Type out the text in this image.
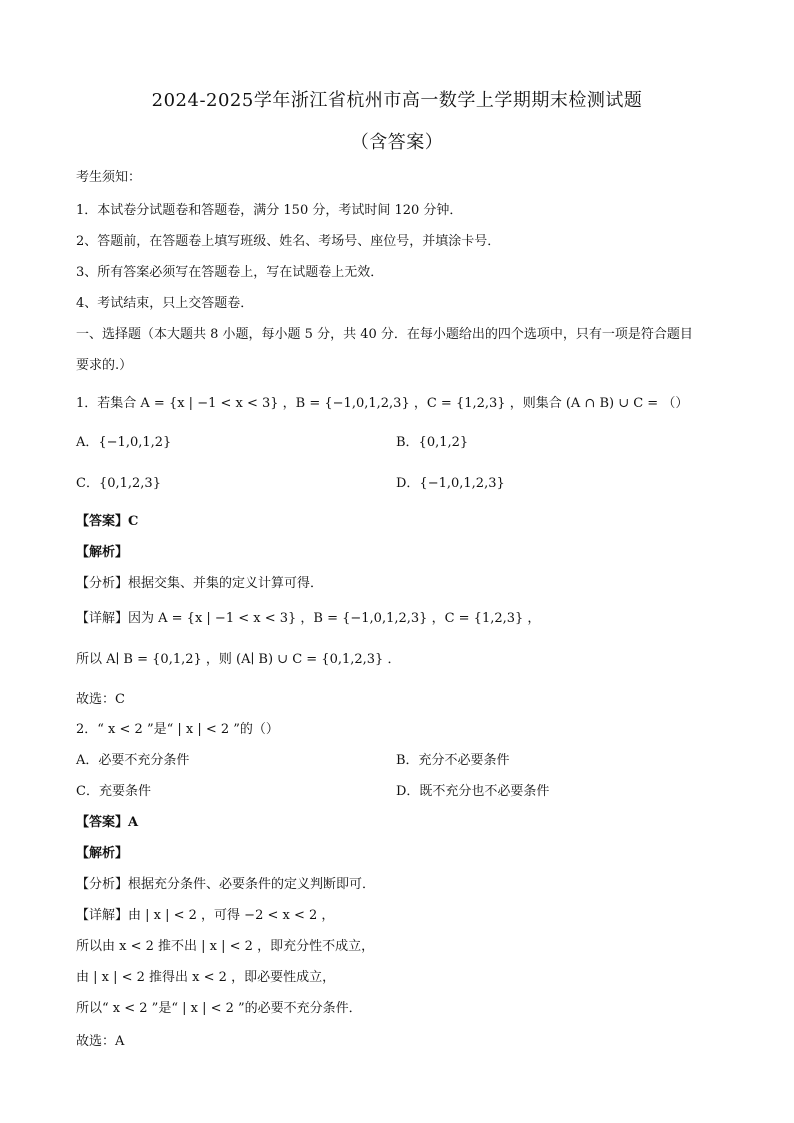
2024-2025学年浙江省杭州市高一数学上学期期末检测试题
（含答案）
考生须知：
1．本试卷分试题卷和答题卷，满分 150 分，考试时间 120 分钟．
2、答题前，在答题卷上填写班级、姓名、考场号、座位号，并填涂卡号．
3、所有答案必须写在答题卷上，写在试题卷上无效．
4、考试结束，只上交答题卷．
一、选择题（本大题共 8 小题，每小题 5 分，共 40 分．在每小题给出的四个选项中，只有一项是符合题目
要求的.）
1．若集合 A = {x | −1 < x < 3} ，B = {−1,0,1,2,3} ，C = {1,2,3} ，则集合 (A ∩ B) ∪ C = （）
A．{−1,0,1,2}	B．{0,1,2}
C．{0,1,2,3}	D．{−1,0,1,2,3}
【答案】C
【解析】
【分析】根据交集、并集的定义计算可得．
【详解】因为 A = {x | −1 < x < 3} ，B = {−1,0,1,2,3} ，C = {1,2,3} ，
所以 A∣ B = {0,1,2} ，则 (A∣ B) ∪ C = {0,1,2,3} ．
故选：C
2．“ x < 2 ”是“ | x | < 2 ”的（）
A．必要不充分条件	B．充分不必要条件
C．充要条件	D．既不充分也不必要条件
【答案】A
【解析】
【分析】根据充分条件、必要条件的定义判断即可．
【详解】由 | x | < 2 ，可得 −2 < x < 2 ，
所以由 x < 2 推不出 | x | < 2 ，即充分性不成立，
由 | x | < 2 推得出 x < 2 ，即必要性成立，
所以“ x < 2 ”是“ | x | < 2 ”的必要不充分条件．
故选：A
